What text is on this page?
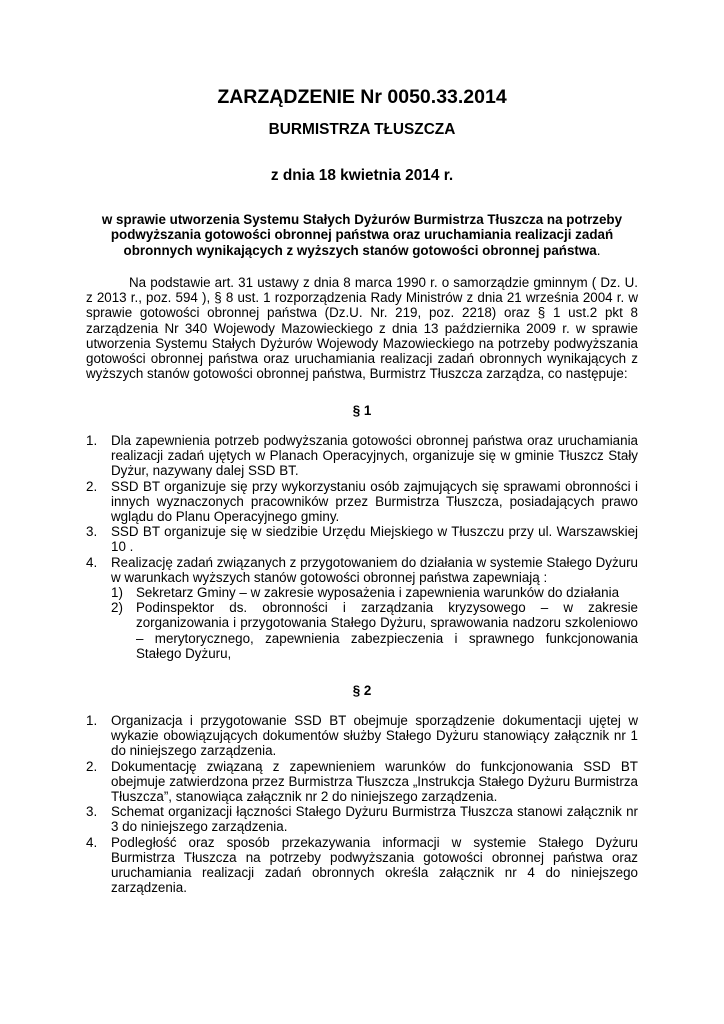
ZARZĄDZENIE Nr 0050.33.2014
BURMISTRZA TŁUSZCZA
z dnia 18 kwietnia 2014 r.
w sprawie utworzenia Systemu Stałych Dyżurów Burmistrza Tłuszcza na potrzeby podwyższania gotowości obronnej państwa oraz uruchamiania realizacji zadań obronnych wynikających z wyższych stanów gotowości obronnej państwa.
Na podstawie art. 31 ustawy z dnia 8 marca 1990 r. o samorządzie gminnym ( Dz. U. z 2013 r., poz. 594 ), § 8 ust. 1 rozporządzenia Rady Ministrów z dnia 21 września 2004 r. w sprawie gotowości obronnej państwa (Dz.U. Nr. 219, poz. 2218) oraz § 1 ust.2 pkt 8 zarządzenia Nr 340 Wojewody Mazowieckiego z dnia 13 października 2009 r. w sprawie utworzenia Systemu Stałych Dyżurów Wojewody Mazowieckiego na potrzeby podwyższania gotowości obronnej państwa oraz uruchamiania realizacji zadań obronnych wynikających z wyższych stanów gotowości obronnej państwa, Burmistrz Tłuszcza zarządza, co następuje:
§ 1
1. Dla zapewnienia potrzeb podwyższania gotowości obronnej państwa oraz uruchamiania realizacji zadań ujętych w Planach Operacyjnych, organizuje się w gminie Tłuszcz Stały Dyżur, nazywany dalej SSD BT.
2. SSD BT organizuje się przy wykorzystaniu osób zajmujących się sprawami obronności i innych wyznaczonych pracowników przez Burmistrza Tłuszcza, posiadających prawo wglądu do Planu Operacyjnego gminy.
3. SSD BT organizuje się w siedzibie Urzędu Miejskiego w Tłuszczu przy ul. Warszawskiej 10 .
4. Realizację zadań związanych z przygotowaniem do działania w systemie Stałego Dyżuru w warunkach wyższych stanów gotowości obronnej państwa zapewniają :
1) Sekretarz Gminy – w zakresie wyposażenia i zapewnienia warunków do działania
2) Podinspektor ds. obronności i zarządzania kryzysowego – w zakresie zorganizowania i przygotowania Stałego Dyżuru, sprawowania nadzoru szkoleniowo – merytorycznego, zapewnienia zabezpieczenia i sprawnego funkcjonowania Stałego Dyżuru,
§ 2
1. Organizacja i przygotowanie SSD BT obejmuje sporządzenie dokumentacji ujętej w wykazie obowiązujących dokumentów służby Stałego Dyżuru stanowiący załącznik nr 1 do niniejszego zarządzenia.
2. Dokumentację związaną z zapewnieniem warunków do funkcjonowania SSD BT obejmuje zatwierdzona przez Burmistrza Tłuszcza „Instrukcja Stałego Dyżuru Burmistrza Tłuszcza”, stanowiąca załącznik nr 2 do niniejszego zarządzenia.
3. Schemat organizacji łączności Stałego Dyżuru Burmistrza Tłuszcza stanowi załącznik nr 3 do niniejszego zarządzenia.
4. Podległość oraz sposób przekazywania informacji w systemie Stałego Dyżuru Burmistrza Tłuszcza na potrzeby podwyższania gotowości obronnej państwa oraz uruchamiania realizacji zadań obronnych określa załącznik nr 4 do niniejszego zarządzenia.
